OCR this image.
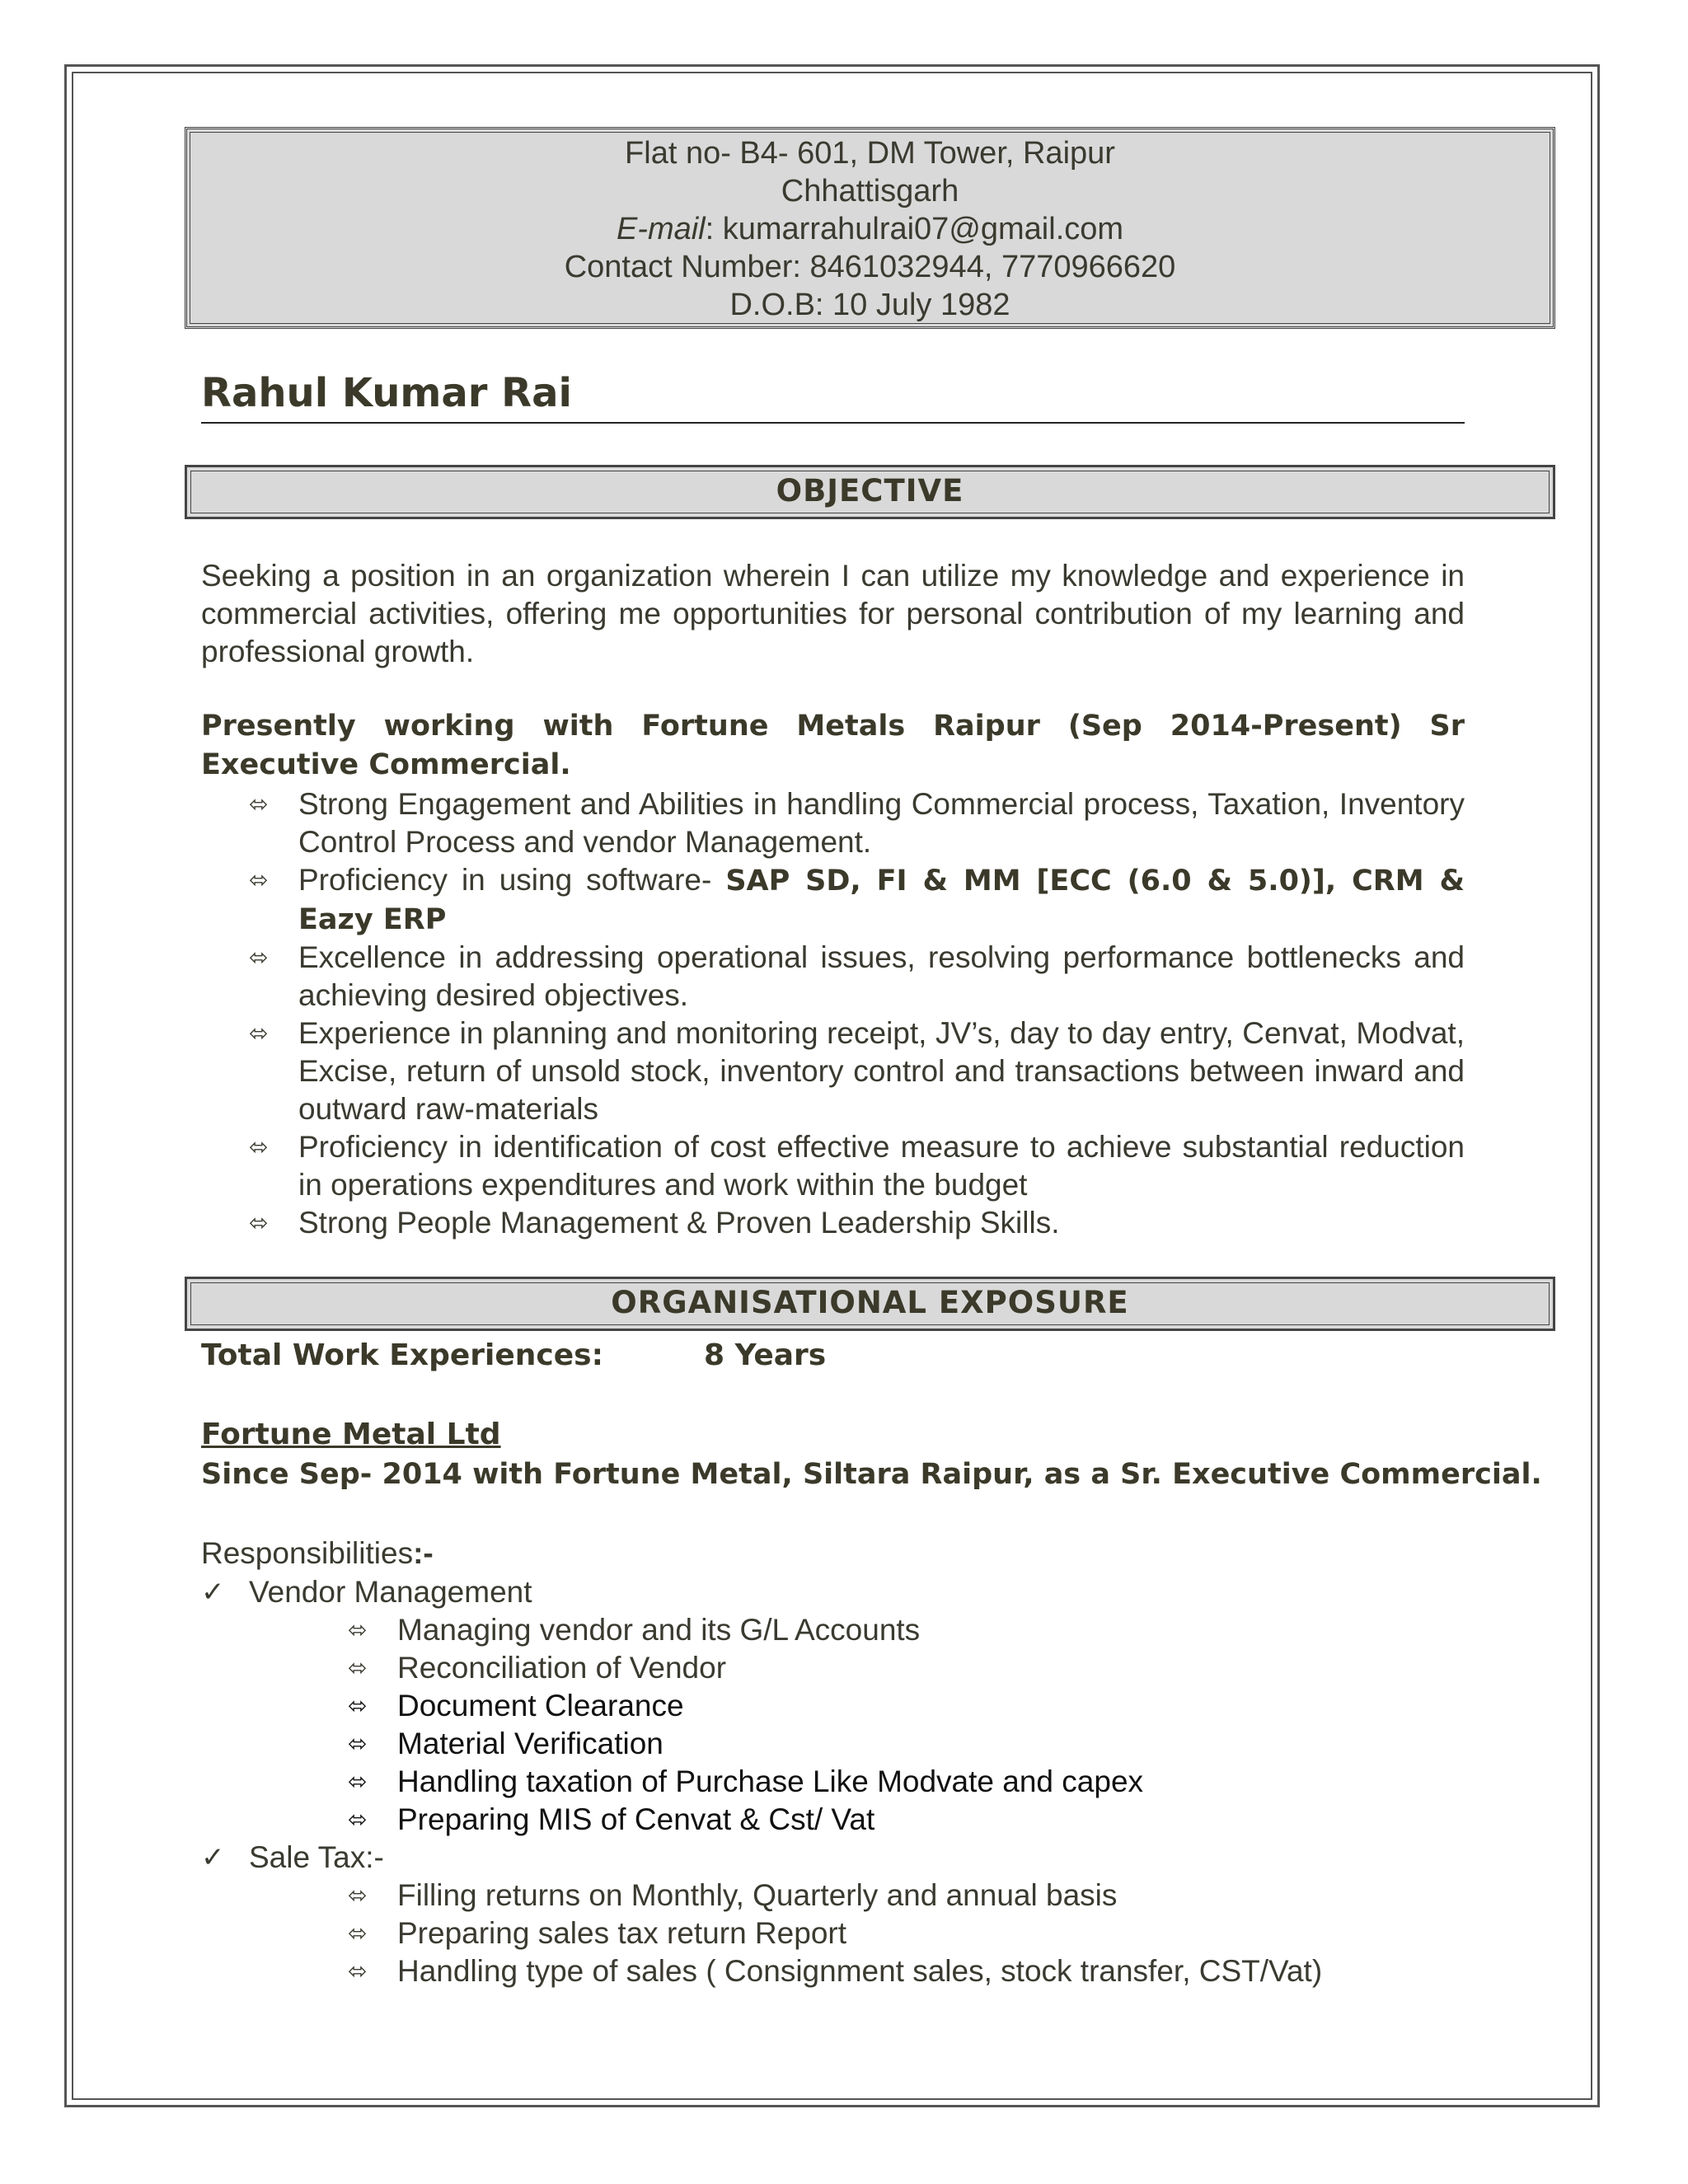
Flat no- B4- 601, DM Tower, Raipur
Chhattisgarh
E-mail: kumarrahulrai07@gmail.com
Contact Number: 8461032944, 7770966620
D.O.B: 10 July 1982
Rahul Kumar Rai
OBJECTIVE
Seeking a position in an organization wherein I can utilize my knowledge and experience in commercial activities, offering me opportunities for personal contribution of my learning and professional growth.
Presently working with Fortune Metals Raipur (Sep 2014-Present) Sr Executive Commercial.
⬄ Strong Engagement and Abilities in handling Commercial process, Taxation, Inventory Control Process and vendor Management.
⬄ Proficiency in using software- SAP SD, FI & MM [ECC (6.0 & 5.0)], CRM & Eazy ERP
⬄ Excellence in addressing operational issues, resolving performance bottlenecks and achieving desired objectives.
⬄ Experience in planning and monitoring receipt, JV’s, day to day entry, Cenvat, Modvat, Excise, return of unsold stock, inventory control and transactions between inward and outward raw-materials
⬄ Proficiency in identification of cost effective measure to achieve substantial reduction in operations expenditures and work within the budget
⬄ Strong People Management & Proven Leadership Skills.
ORGANISATIONAL EXPOSURE
Total Work Experiences:	8 Years
Fortune Metal Ltd
Since Sep- 2014 with Fortune Metal, Siltara Raipur, as a Sr. Executive Commercial.
Responsibilities:-
✓ Vendor Management
⬄ Managing vendor and its G/L Accounts
⬄ Reconciliation of Vendor
⬄ Document Clearance
⬄ Material Verification
⬄ Handling taxation of Purchase Like Modvate and capex
⬄ Preparing MIS of Cenvat & Cst/ Vat
✓ Sale Tax:-
⬄ Filling returns on Monthly, Quarterly and annual basis
⬄ Preparing sales tax return Report
⬄ Handling type of sales ( Consignment sales, stock transfer, CST/Vat)
